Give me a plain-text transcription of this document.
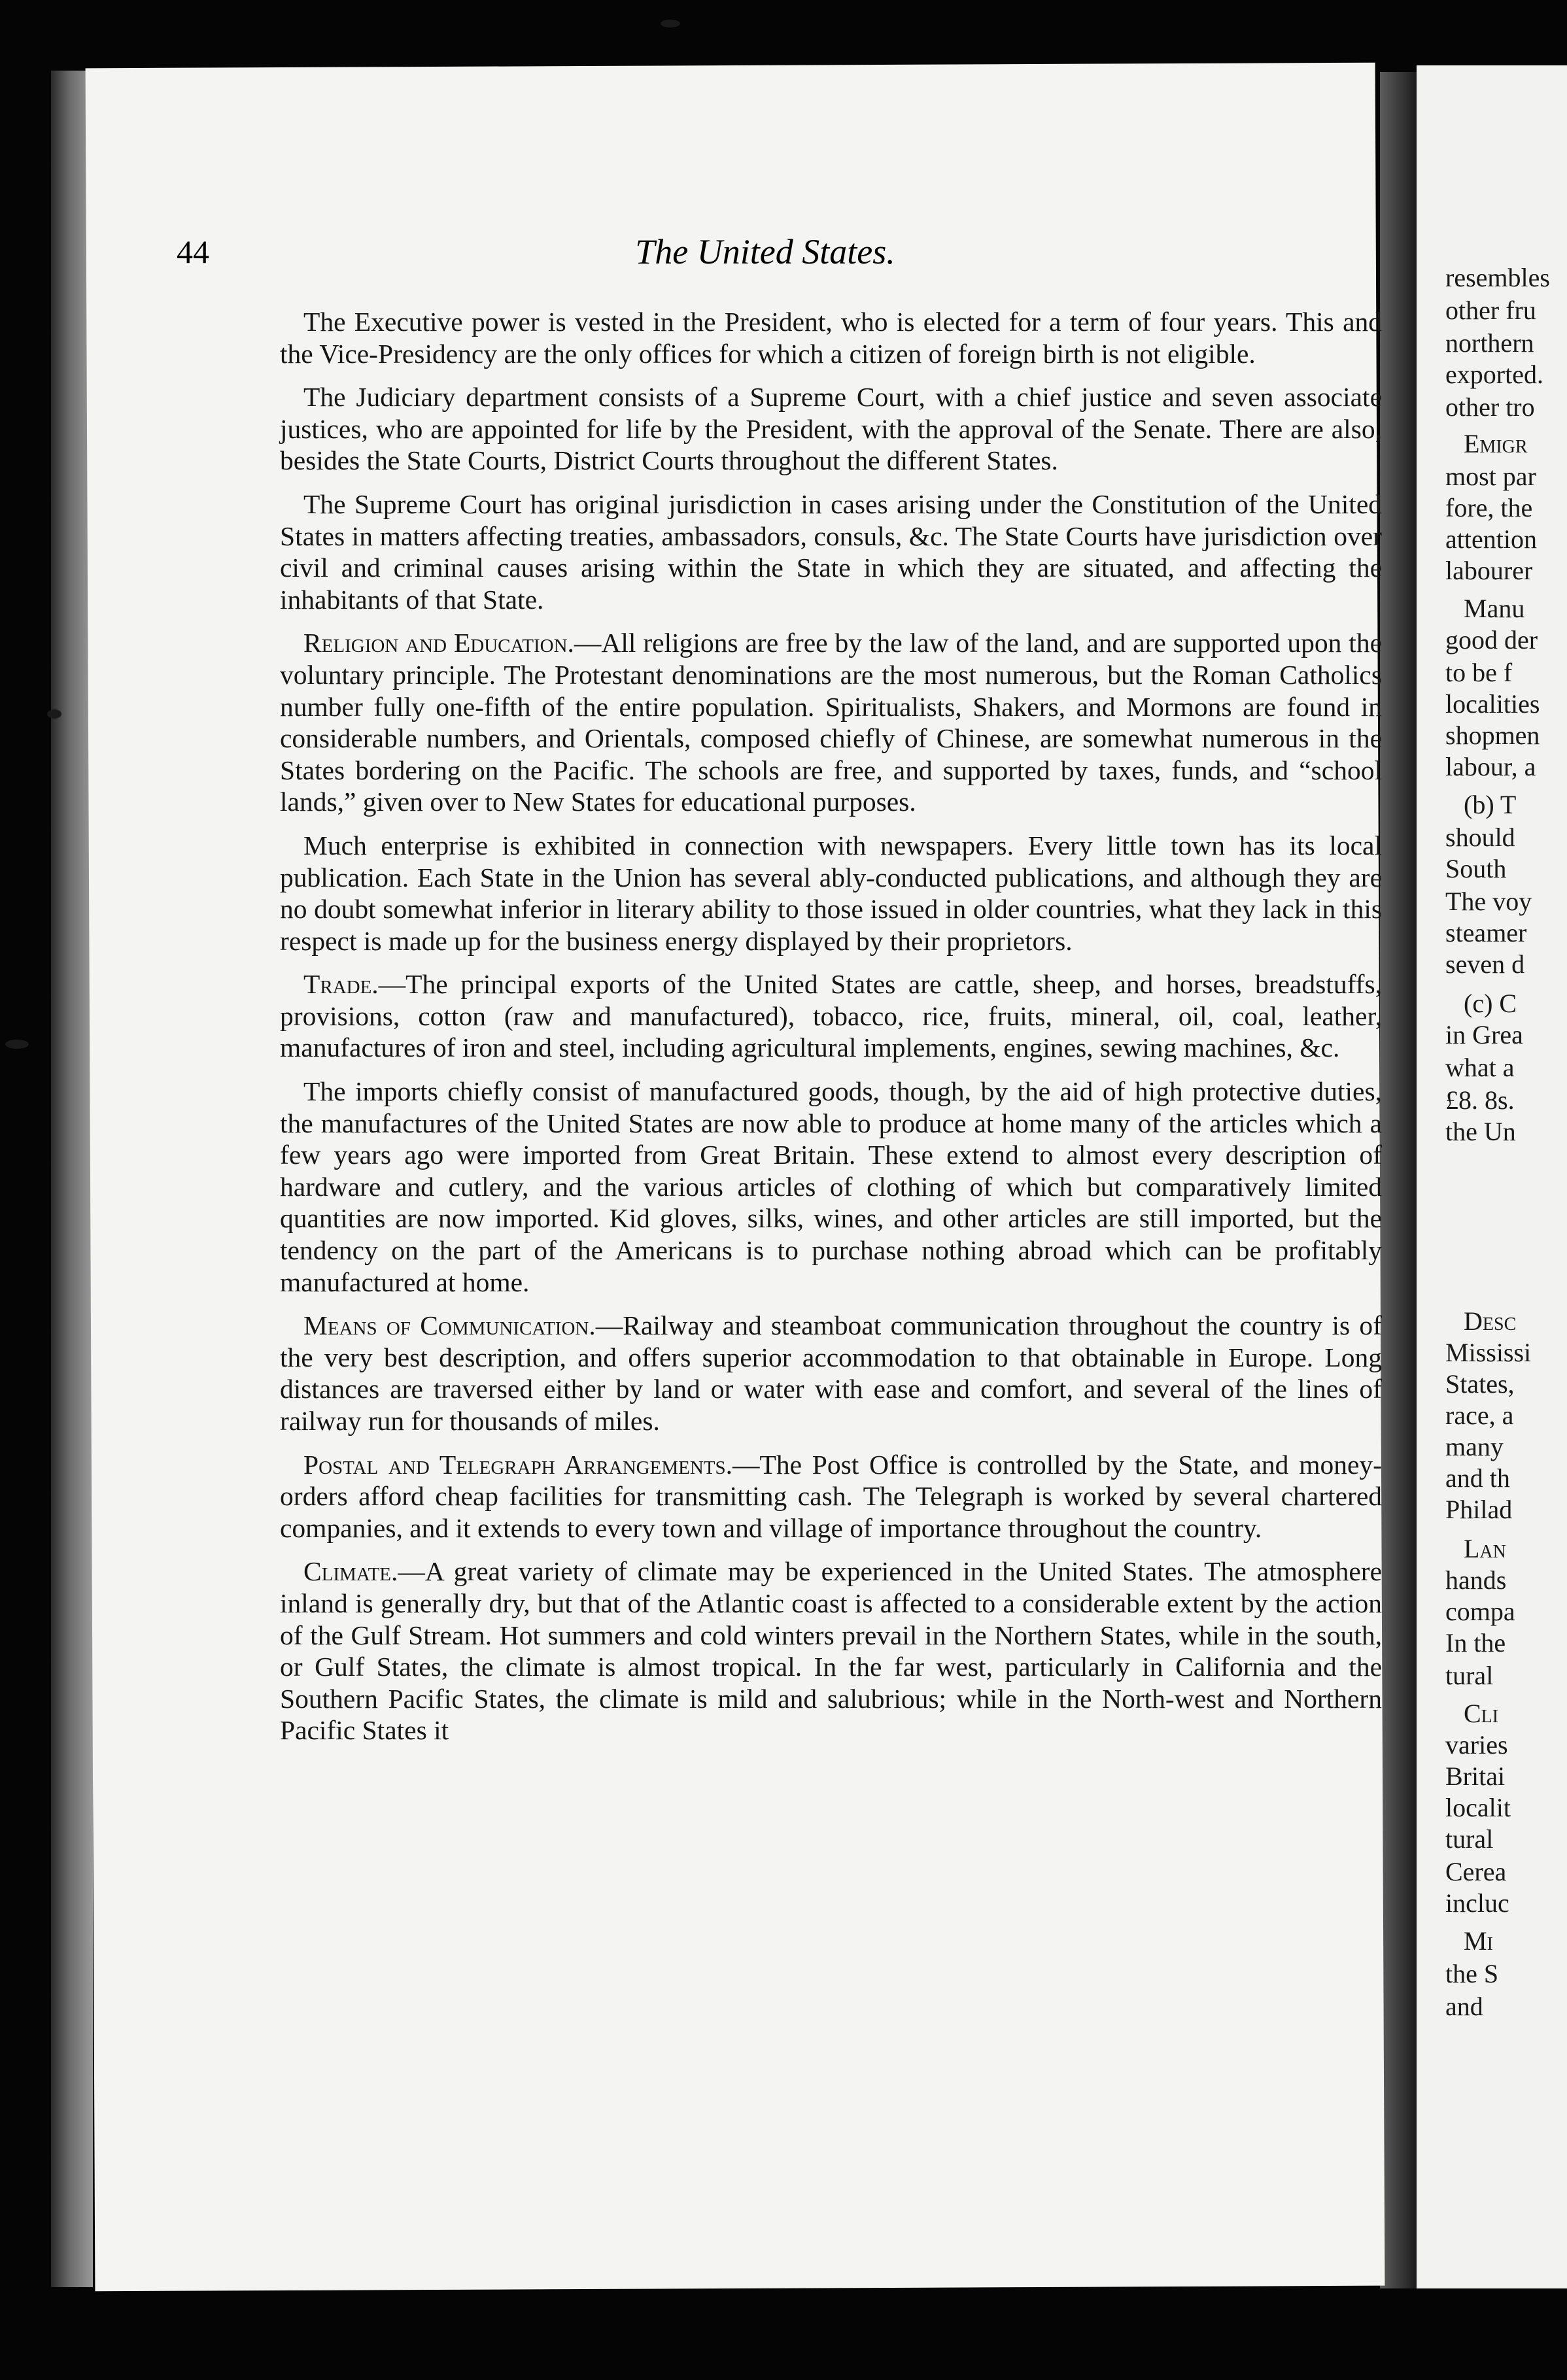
44	The United States.

The Executive power is vested in the President, who is elected for a term of four years. This and the Vice-Presidency are the only offices for which a citizen of foreign birth is not eligible.

The Judiciary department consists of a Supreme Court, with a chief justice and seven associate justices, who are appointed for life by the President, with the approval of the Senate. There are also, besides the State Courts, District Courts throughout the different States.

The Supreme Court has original jurisdiction in cases arising under the Constitution of the United States in matters affecting treaties, ambassadors, consuls, &c. The State Courts have jurisdiction over civil and criminal causes arising within the State in which they are situated, and affecting the inhabitants of that State.

Religion and Education.—All religions are free by the law of the land, and are supported upon the voluntary principle. The Protestant denominations are the most numerous, but the Roman Catholics number fully one-fifth of the entire population. Spiritualists, Shakers, and Mormons are found in considerable numbers, and Orientals, composed chiefly of Chinese, are somewhat numerous in the States bordering on the Pacific. The schools are free, and supported by taxes, funds, and “school lands,” given over to New States for educational purposes.

Much enterprise is exhibited in connection with newspapers. Every little town has its local publication. Each State in the Union has several ably-conducted publications, and although they are no doubt somewhat inferior in literary ability to those issued in older countries, what they lack in this respect is made up for the business energy displayed by their proprietors.

Trade.—The principal exports of the United States are cattle, sheep, and horses, breadstuffs, provisions, cotton (raw and manufactured), tobacco, rice, fruits, mineral, oil, coal, leather, manufactures of iron and steel, including agricultural implements, engines, sewing machines, &c.

The imports chiefly consist of manufactured goods, though, by the aid of high protective duties, the manufactures of the United States are now able to produce at home many of the articles which a few years ago were imported from Great Britain. These extend to almost every description of hardware and cutlery, and the various articles of clothing of which but comparatively limited quantities are now imported. Kid gloves, silks, wines, and other articles are still imported, but the tendency on the part of the Americans is to purchase nothing abroad which can be profitably manufactured at home.

Means of Communication.—Railway and steamboat communication throughout the country is of the very best description, and offers superior accommodation to that obtainable in Europe. Long distances are traversed either by land or water with ease and comfort, and several of the lines of railway run for thousands of miles.

Postal and Telegraph Arrangements.—The Post Office is controlled by the State, and money-orders afford cheap facilities for transmitting cash. The Telegraph is worked by several chartered companies, and it extends to every town and village of importance throughout the country.

Climate.—A great variety of climate may be experienced in the United States. The atmosphere inland is generally dry, but that of the Atlantic coast is affected to a considerable extent by the action of the Gulf Stream. Hot summers and cold winters prevail in the Northern States, while in the south, or Gulf States, the climate is almost tropical. In the far west, particularly in California and the Southern Pacific States, the climate is mild and salubrious; while in the North-west and Northern Pacific States it

resembles
other fru
northern
exported.
other tro
Emigr
most par
fore, the
attention
labourer
Manu
good der
to be f
localities
shopmen
labour, a
(b) T
should
South
The voy
steamer
seven d
(c) C
in Grea
what a
£8. 8s.
the Un
Desc
Mississi
States,
race, a
many
and th
Philad
Lan
hands
compa
In the
tural
Cli
varies
Britai
localit
tural
Cerea
incluc
Mi
the S
and
